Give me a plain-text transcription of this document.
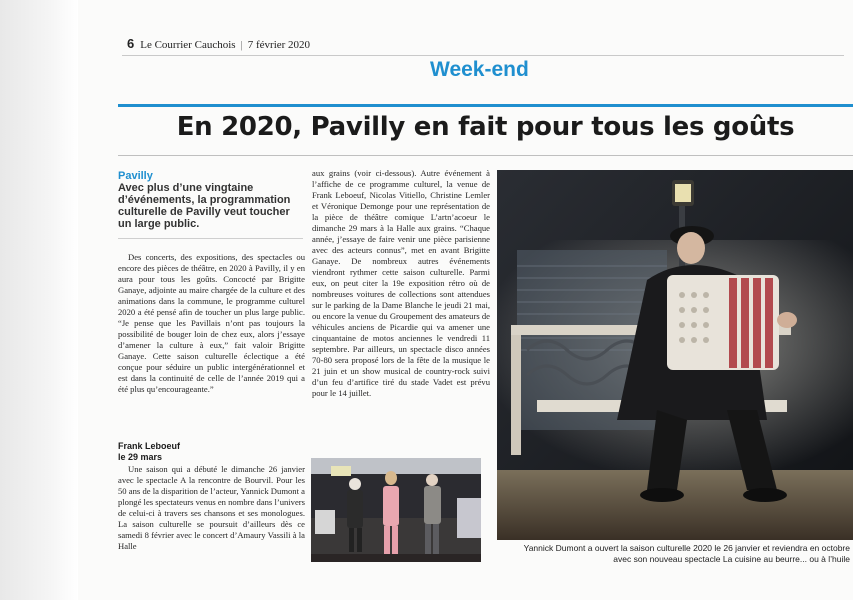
6 Le Courrier Cauchois | 7 février 2020
Week-end
En 2020, Pavilly en fait pour tous les goûts
Pavilly
Avec plus d’une vingtaine d’événements, la programmation culturelle de Pavilly veut toucher un large public.

Des concerts, des expositions, des spectacles ou encore des pièces de théâtre, en 2020 à Pavilly, il y en aura pour tous les goûts. Concocté par Brigitte Ganaye, adjointe au maire chargée de la culture et des animations dans la commune, le programme culturel 2020 a été pensé afin de toucher un plus large public. “Je pense que les Pavillais n’ont pas toujours la possibilité de bouger loin de chez eux, alors j’essaye d’amener la culture à eux,” fait valoir Brigitte Ganaye. Cette saison culturelle éclectique a été conçue pour séduire un public intergénérationnel et est dans la continuité de celle de l’année 2019 qui a été plus qu’encourageante.”

Frank Leboeuf
le 29 mars

Une saison qui a débuté le dimanche 26 janvier avec le spectacle A la rencontre de Bourvil. Pour les 50 ans de la disparition de l’acteur, Yannick Dumont a plongé les spectateurs venus en nombre dans l’univers de celui-ci à travers ses chansons et ses monologues. La saison culturelle se poursuit d’ailleurs dès ce samedi 8 février avec le concert d’Amaury Vassili à la Halle

aux grains (voir ci-dessous). Autre événement à l’affiche de ce programme culturel, la venue de Frank Leboeuf, Nicolas Vitiello, Christine Lemler et Véronique Demonge pour une représentation de la pièce de théâtre comique L’artn’acoeur le dimanche 29 mars à la Halle aux grains. “Chaque année, j’essaye de faire venir une pièce parisienne avec des acteurs connus”, met en avant Brigitte Ganaye. De nombreux autres événements viendront rythmer cette saison culturelle. Parmi eux, on peut citer la 19e exposition rétro où de nombreuses voitures de collections sont attendues sur le parking de la Dame Blanche le jeudi 21 mai, ou encore la venue du Groupement des amateurs de véhicules anciens de Picardie qui va amener une cinquantaine de motos anciennes le vendredi 11 septembre. Par ailleurs, un spectacle disco années 70-80 sera proposé lors de la fête de la musique le 21 juin et un show musical de country-rock suivi d’un feu d’artifice tiré du stade Vadet est prévu pour le 14 juillet.

Yannick Dumont a ouvert la saison culturelle 2020 le 26 janvier et reviendra en octobre
avec son nouveau spectacle La cuisine au beurre... ou à l’huile
